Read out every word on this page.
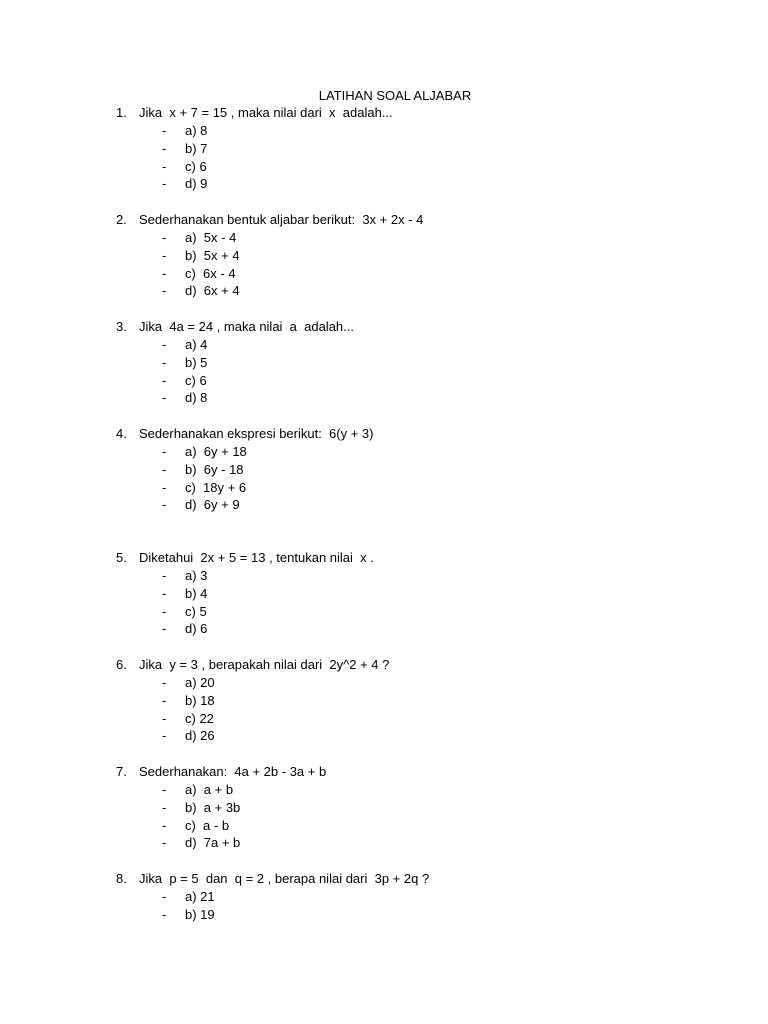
LATIHAN SOAL ALJABAR

1.

Jika  x + 7 = 15 , maka nilai dari  x  adalah...

-

a) 8

-

b) 7

-

c) 6

-

d) 9

2.

Sederhanakan bentuk aljabar berikut:  3x + 2x - 4

-

a)  5x - 4

-

b)  5x + 4

-

c)  6x - 4

-

d)  6x + 4

3.

Jika  4a = 24 , maka nilai  a  adalah...

-

a) 4

-

b) 5

-

c) 6

-

d) 8

4.

Sederhanakan ekspresi berikut:  6(y + 3)

-

a)  6y + 18

-

b)  6y - 18

-

c)  18y + 6

-

d)  6y + 9

5.

Diketahui  2x + 5 = 13 , tentukan nilai  x .

-

a) 3

-

b) 4

-

c) 5

-

d) 6

6.

Jika  y = 3 , berapakah nilai dari  2y^2 + 4 ?

-

a) 20

-

b) 18

-

c) 22

-

d) 26

7.

Sederhanakan:  4a + 2b - 3a + b

-

a)  a + b

-

b)  a + 3b

-

c)  a - b

-

d)  7a + b

8.

Jika  p = 5  dan  q = 2 , berapa nilai dari  3p + 2q ?

-

a) 21

-

b) 19
